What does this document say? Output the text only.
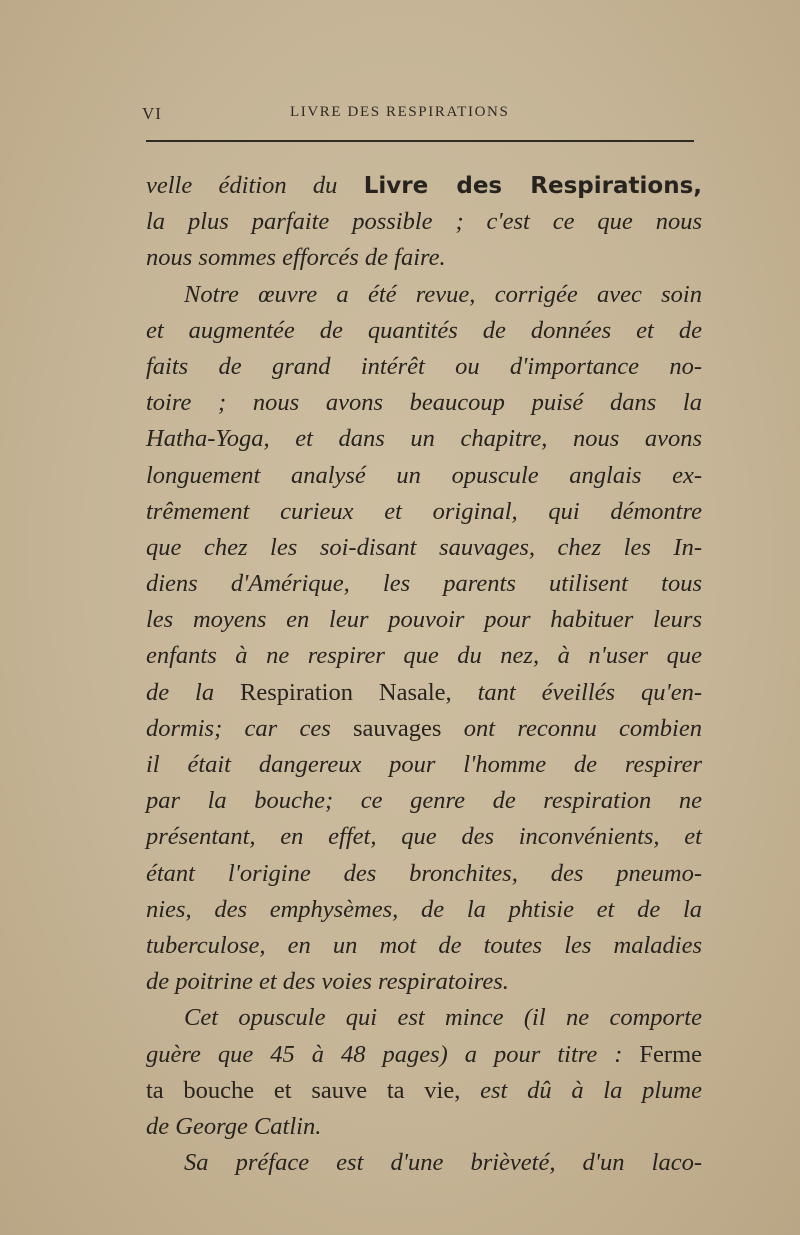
VI	LIVRE DES RESPIRATIONS
velle édition du Livre des Respirations,
la plus parfaite possible ; c'est ce que nous
nous sommes efforcés de faire.
Notre œuvre a été revue, corrigée avec soin
et augmentée de quantités de données et de
faits de grand intérêt ou d'importance no-
toire ; nous avons beaucoup puisé dans la
Hatha-Yoga, et dans un chapitre, nous avons
longuement analysé un opuscule anglais ex-
trêmement curieux et original, qui démontre
que chez les soi-disant sauvages, chez les In-
diens d'Amérique, les parents utilisent tous
les moyens en leur pouvoir pour habituer leurs
enfants à ne respirer que du nez, à n'user que
de la Respiration Nasale, tant éveillés qu'en-
dormis; car ces sauvages ont reconnu combien
il était dangereux pour l'homme de respirer
par la bouche; ce genre de respiration ne
présentant, en effet, que des inconvénients, et
étant l'origine des bronchites, des pneumo-
nies, des emphysèmes, de la phtisie et de la
tuberculose, en un mot de toutes les maladies
de poitrine et des voies respiratoires.
Cet opuscule qui est mince (il ne comporte
guère que 45 à 48 pages) a pour titre : Ferme
ta bouche et sauve ta vie, est dû à la plume
de George Catlin.
Sa préface est d'une brièveté, d'un laco-
